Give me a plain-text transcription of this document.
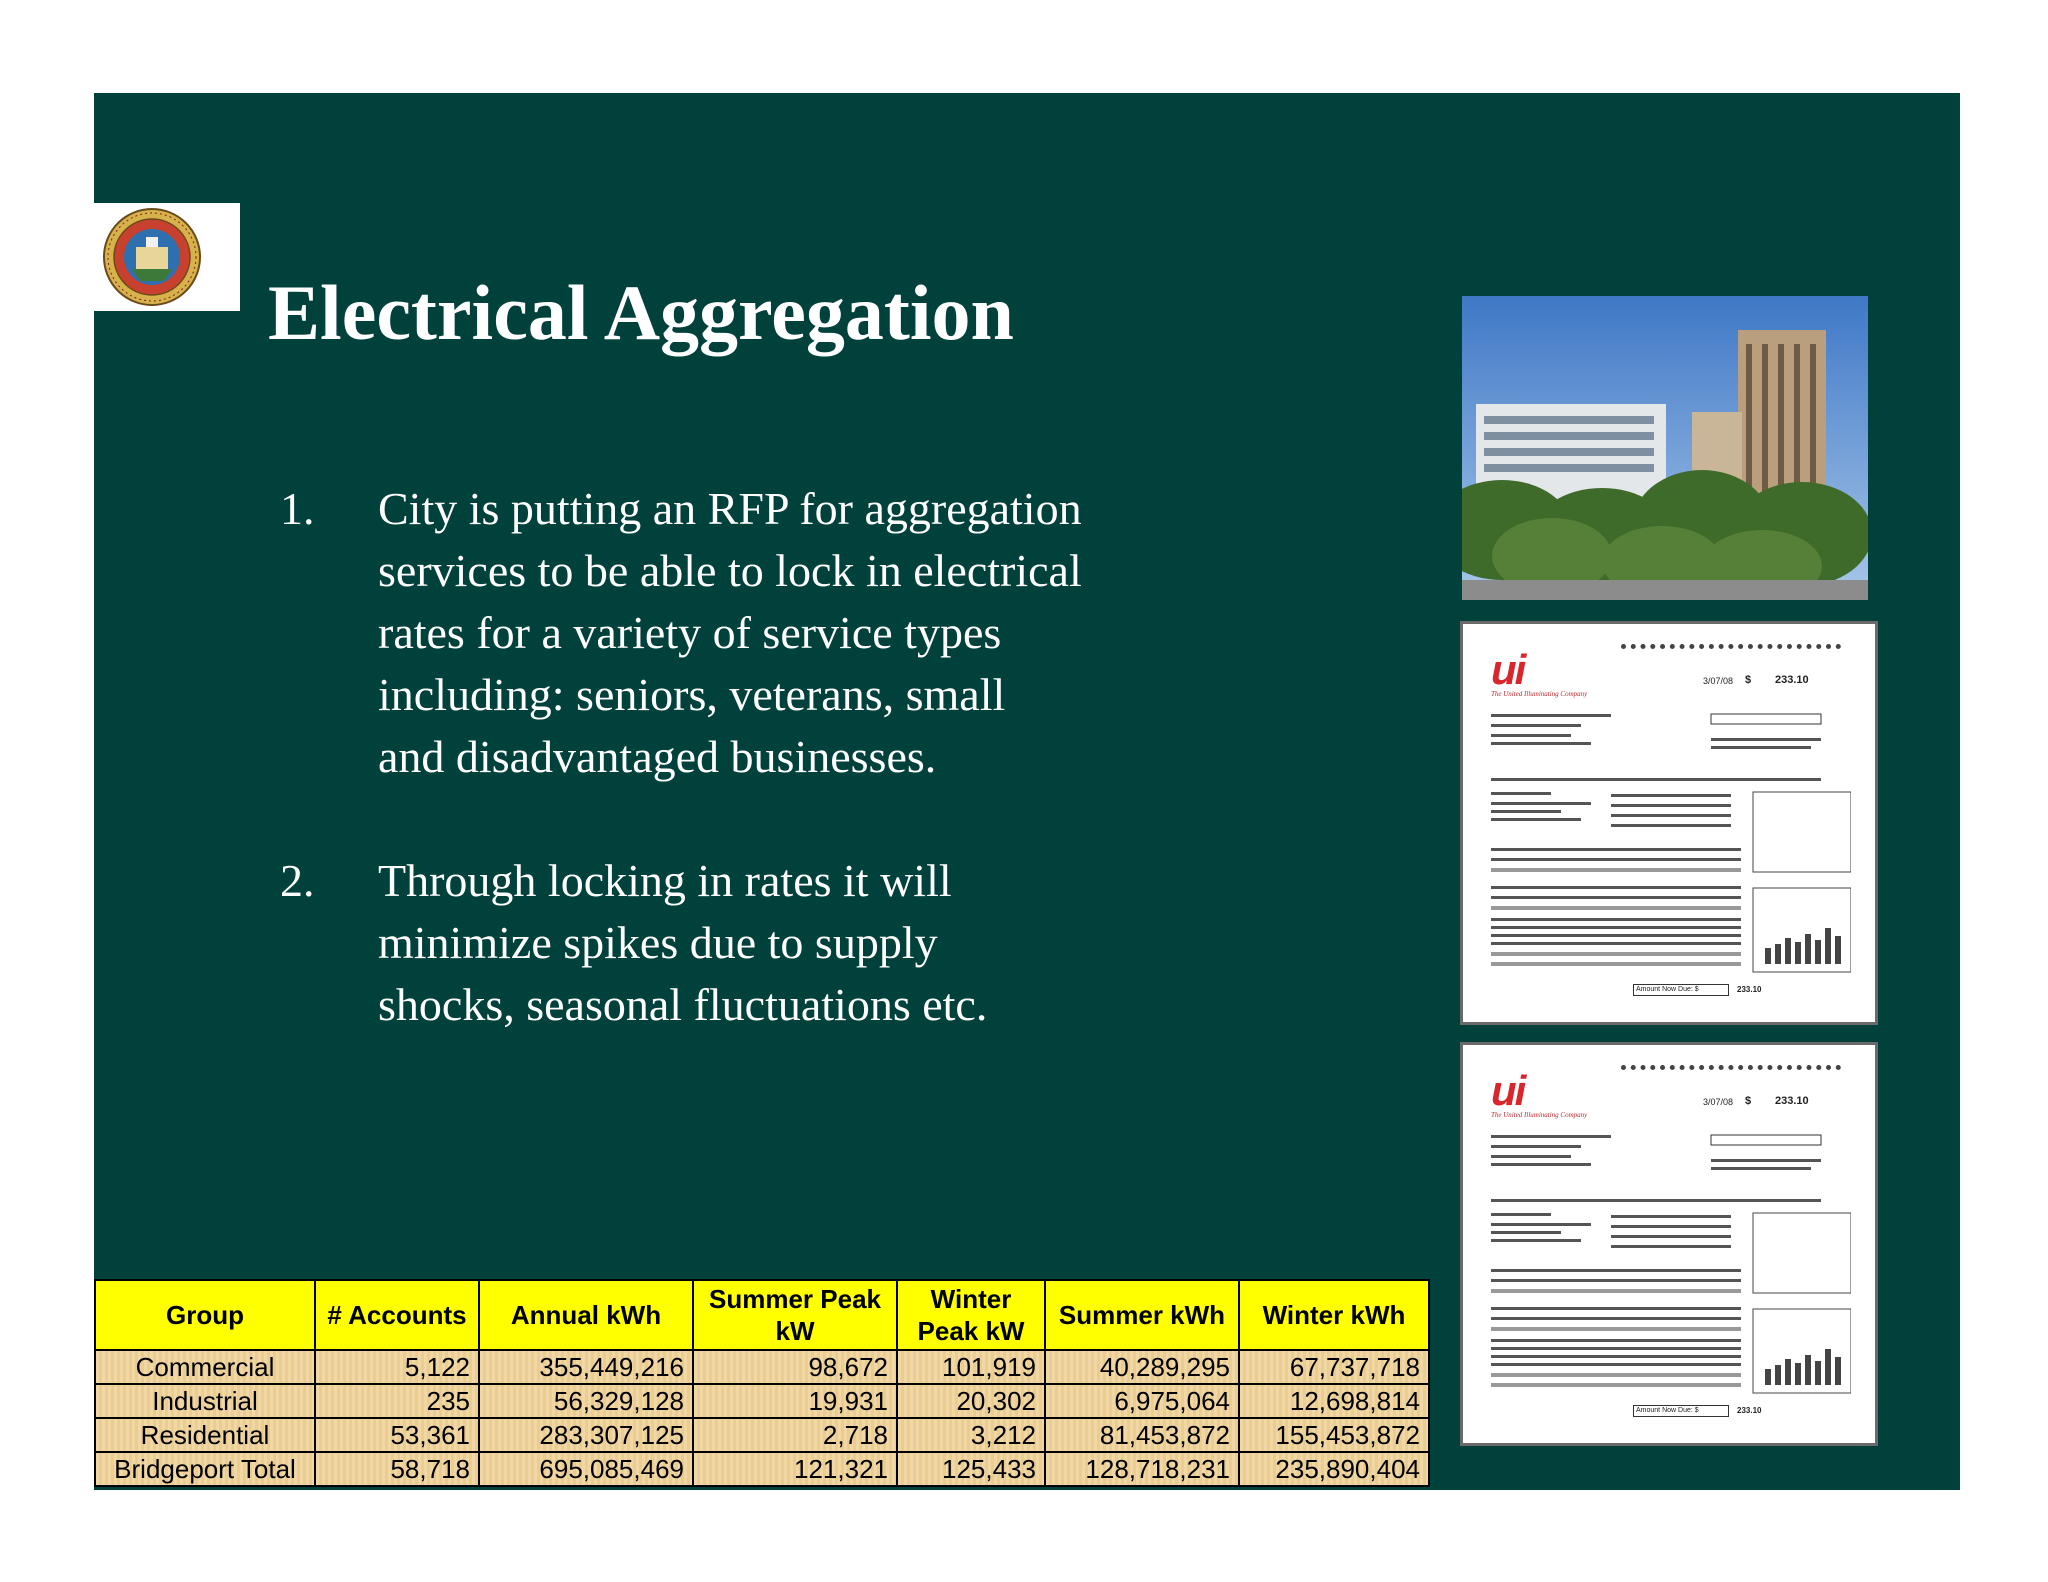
Electrical Aggregation
1. City is putting an RFP for aggregation
services to be able to lock in electrical
rates for a variety of service types
including: seniors, veterans, small
and disadvantaged businesses.
2. Through locking in rates it will
minimize spikes due to supply
shocks, seasonal fluctuations etc.
ui
The United Illuminating Company
3/07/08 $ 233.10
Amount Now Due: $	233.10
ui
The United Illuminating Company
3/07/08 $ 233.10
Amount Now Due: $	233.10	0
Group	# Accounts	Annual kWh	Summer Peak kW	Winter Peak kW	Summer kWh	Winter kWh
Commercial	5,122	355,449,216	98,672	101,919	40,289,295	67,737,718
Industrial	235	56,329,128	19,931	20,302	6,975,064	12,698,814
Residential	53,361	283,307,125	2,718	3,212	81,453,872	155,453,872
Bridgeport Total	58,718	695,085,469	121,321	125,433	128,718,231	235,890,404
